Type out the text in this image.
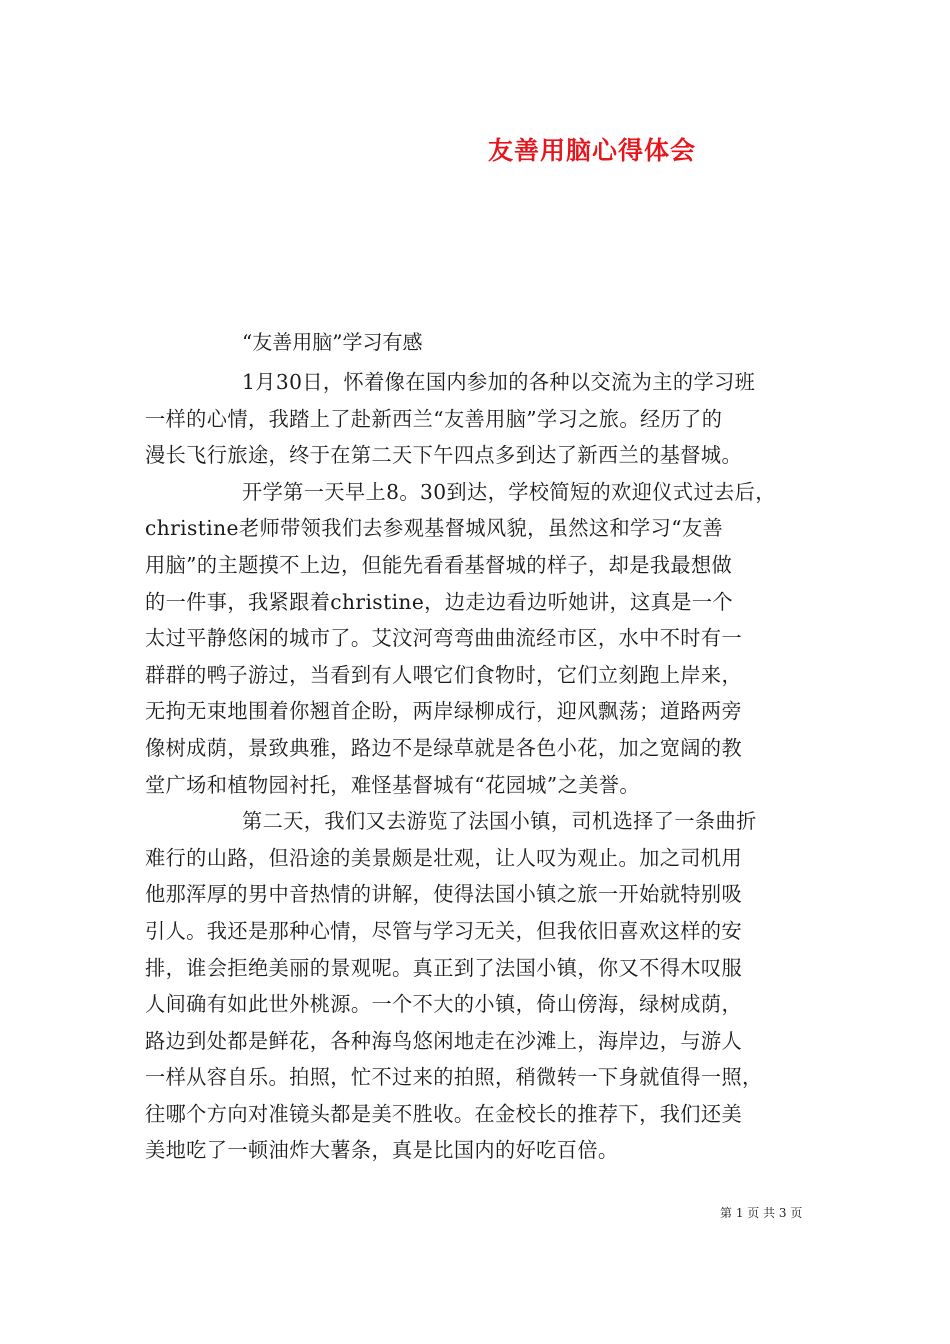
友善用脑心得体会
“友善用脑”学习有感
1月30日，怀着像在国内参加的各种以交流为主的学习班
一样的心情，我踏上了赴新西兰“友善用脑”学习之旅。经历了的
漫长飞行旅途，终于在第二天下午四点多到达了新西兰的基督城。
开学第一天早上8。30到达，学校简短的欢迎仪式过去后，
christine老师带领我们去参观基督城风貌，虽然这和学习“友善
用脑”的主题摸不上边，但能先看看基督城的样子，却是我最想做
的一件事，我紧跟着christine，边走边看边听她讲，这真是一个
太过平静悠闲的城市了。艾汶河弯弯曲曲流经市区，水中不时有一
群群的鸭子游过，当看到有人喂它们食物时，它们立刻跑上岸来，
无拘无束地围着你翘首企盼，两岸绿柳成行，迎风飘荡；道路两旁
像树成荫，景致典雅，路边不是绿草就是各色小花，加之宽阔的教
堂广场和植物园衬托，难怪基督城有“花园城”之美誉。
第二天，我们又去游览了法国小镇，司机选择了一条曲折
难行的山路，但沿途的美景颇是壮观，让人叹为观止。加之司机用
他那浑厚的男中音热情的讲解，使得法国小镇之旅一开始就特别吸
引人。我还是那种心情，尽管与学习无关，但我依旧喜欢这样的安
排，谁会拒绝美丽的景观呢。真正到了法国小镇，你又不得木叹服
人间确有如此世外桃源。一个不大的小镇，倚山傍海，绿树成荫，
路边到处都是鲜花，各种海鸟悠闲地走在沙滩上，海岸边，与游人
一样从容自乐。拍照，忙不过来的拍照，稍微转一下身就值得一照，
往哪个方向对准镜头都是美不胜收。在金校长的推荐下，我们还美
美地吃了一顿油炸大薯条，真是比国内的好吃百倍。
第 1 页 共 3 页
